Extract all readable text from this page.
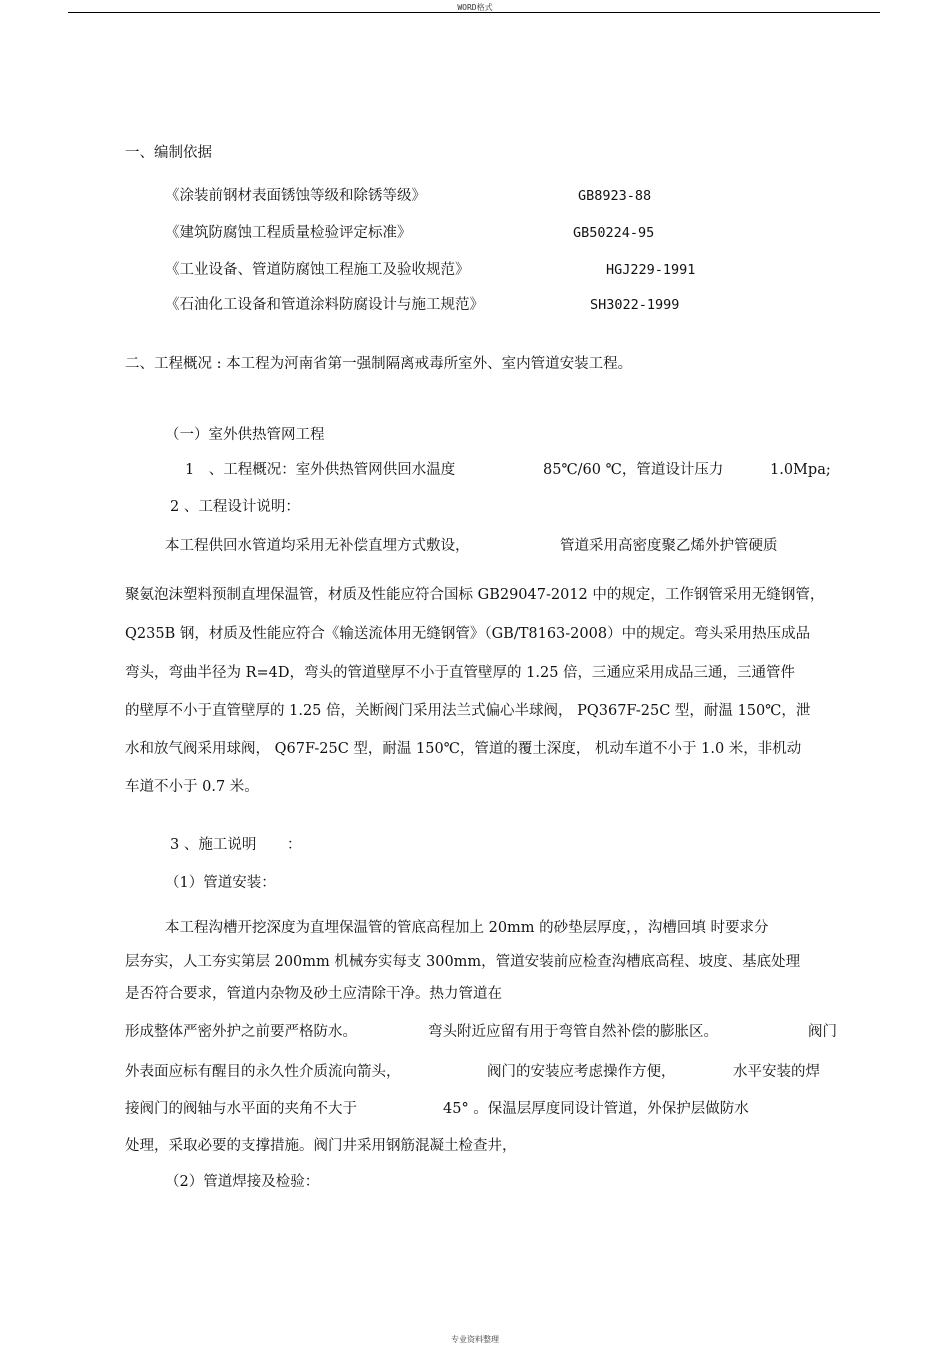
WORD格式
一、编制依据
《涂装前钢材表面锈蚀等级和除锈等级》	GB8923-88
《建筑防腐蚀工程质量检验评定标准》	GB50224-95
《工业设备、管道防腐蚀工程施工及验收规范》	HGJ229-1991
《石油化工设备和管道涂料防腐设计与施工规范》	SH3022-1999
二、工程概况 : 本工程为河南省第一强制隔离戒毒所室外、室内管道安装工程。
（一）室外供热管网工程
1　、工程概况：室外供热管网供回水温度	85℃/60 ℃，管道设计压力	1.0Mpa;
2 、工程设计说明：
本工程供回水管道均采用无补偿直埋方式敷设，	管道采用高密度聚乙烯外护管硬质
聚氨泡沫塑料预制直埋保温管，材质及性能应符合国标 GB29047-2012 中的规定，工作钢管采用无缝钢管，
Q235B 钢，材质及性能应符合《输送流体用无缝钢管》（GB/T8163-2008）中的规定。弯头采用热压成品
弯头，弯曲半径为 R=4D，弯头的管道壁厚不小于直管壁厚的 1.25 倍，三通应采用成品三通，三通管件
的壁厚不小于直管壁厚的 1.25 倍，关断阀门采用法兰式偏心半球阀， PQ367F-25C 型，耐温 150℃，泄
水和放气阀采用球阀， Q67F-25C 型，耐温 150℃，管道的覆土深度， 机动车道不小于 1.0 米，非机动
车道不小于 0.7 米。
3 、施工说明 ：
（1）管道安装：
本工程沟槽开挖深度为直埋保温管的管底高程加上 20mm 的砂垫层厚度，，沟槽回填 时要求分
层夯实，人工夯实第层 200mm 机械夯实每支 300mm，管道安装前应检查沟槽底高程、坡度、基底处理
是否符合要求，管道内杂物及砂土应清除干净。热力管道在
形成整体严密外护之前要严格防水。	弯头附近应留有用于弯管自然补偿的膨胀区。	阀门
外表面应标有醒目的永久性介质流向箭头，	阀门的安装应考虑操作方便，	水平安装的焊
接阀门的阀轴与水平面的夹角不大于	45° 。保温层厚度同设计管道，外保护层做防水
处理，采取必要的支撑措施。阀门井采用钢筋混凝土检查井，
（2）管道焊接及检验：
专业资料整理
